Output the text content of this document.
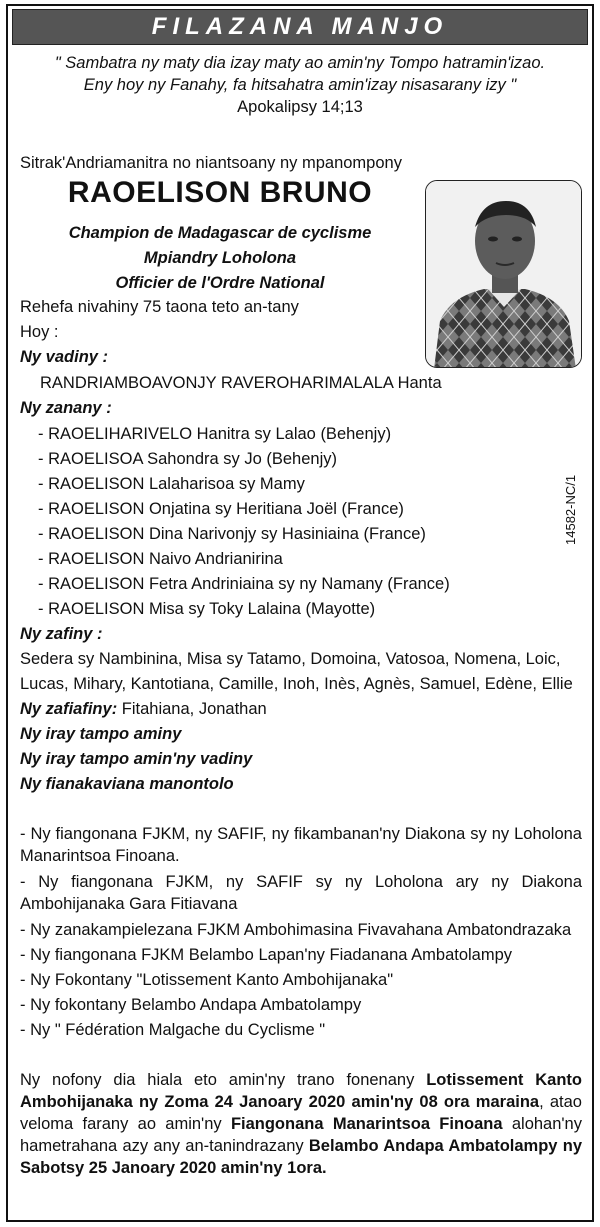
FILAZANA MANJO
" Sambatra ny maty dia izay maty ao amin'ny Tompo hatramin'izao.
Eny hoy ny Fanahy, fa hitsahatra amin'izay nisasarany izy "
Apokalipsy 14;13
Sitrak'Andriamanitra no niantsoany ny mpanompony
RAOELISON BRUNO
Champion de Madagascar de cyclisme
Mpiandry Loholona
Officier de l'Ordre National
Rehefa nivahiny 75 taona teto an-tany
Hoy :
Ny vadiny :
RANDRIAMBOAVONJY RAVEROHARIMALALA Hanta
Ny zanany :
- RAOELIHARIVELO Hanitra sy Lalao (Behenjy)
- RAOELISOA Sahondra sy Jo (Behenjy)
- RAOELISON Lalaharisoa sy Mamy
- RAOELISON Onjatina sy Heritiana Joël (France)
- RAOELISON Dina Narivonjy sy Hasiniaina (France)
- RAOELISON Naivo Andrianirina
- RAOELISON Fetra Andriniaina sy ny Namany (France)
- RAOELISON Misa sy Toky Lalaina (Mayotte)
14582-NC/1
Ny zafiny :
Sedera sy Nambinina, Misa sy Tatamo, Domoina, Vatosoa, Nomena, Loic,
Lucas, Mihary, Kantotiana, Camille, Inoh, Inès, Agnès, Samuel, Edène, Ellie
Ny zafiafiny: Fitahiana, Jonathan
Ny iray tampo aminy
Ny iray tampo amin'ny vadiny
Ny fianakaviana manontolo
- Ny fiangonana FJKM, ny SAFIF, ny fikambanan'ny Diakona sy ny Loholona Manarintsoa Finoana.
- Ny fiangonana FJKM, ny SAFIF sy ny Loholona ary ny Diakona Ambohijanaka Gara Fitiavana
- Ny zanakampielezana FJKM Ambohimasina Fivavahana Ambatondrazaka
- Ny fiangonana FJKM Belambo Lapan'ny Fiadanana Ambatolampy
- Ny Fokontany "Lotissement Kanto Ambohijanaka"
- Ny fokontany Belambo Andapa Ambatolampy
- Ny " Fédération Malgache du Cyclisme "
Ny nofony dia hiala eto amin'ny trano fonenany Lotissement Kanto Ambohijanaka ny Zoma 24 Janoary 2020 amin'ny 08 ora maraina, atao veloma farany ao amin'ny Fiangonana Manarintsoa Finoana alohan'ny hametrahana azy any an-tanindrazany Belambo Andapa Ambatolampy ny Sabotsy 25 Janoary 2020 amin'ny 1ora.
